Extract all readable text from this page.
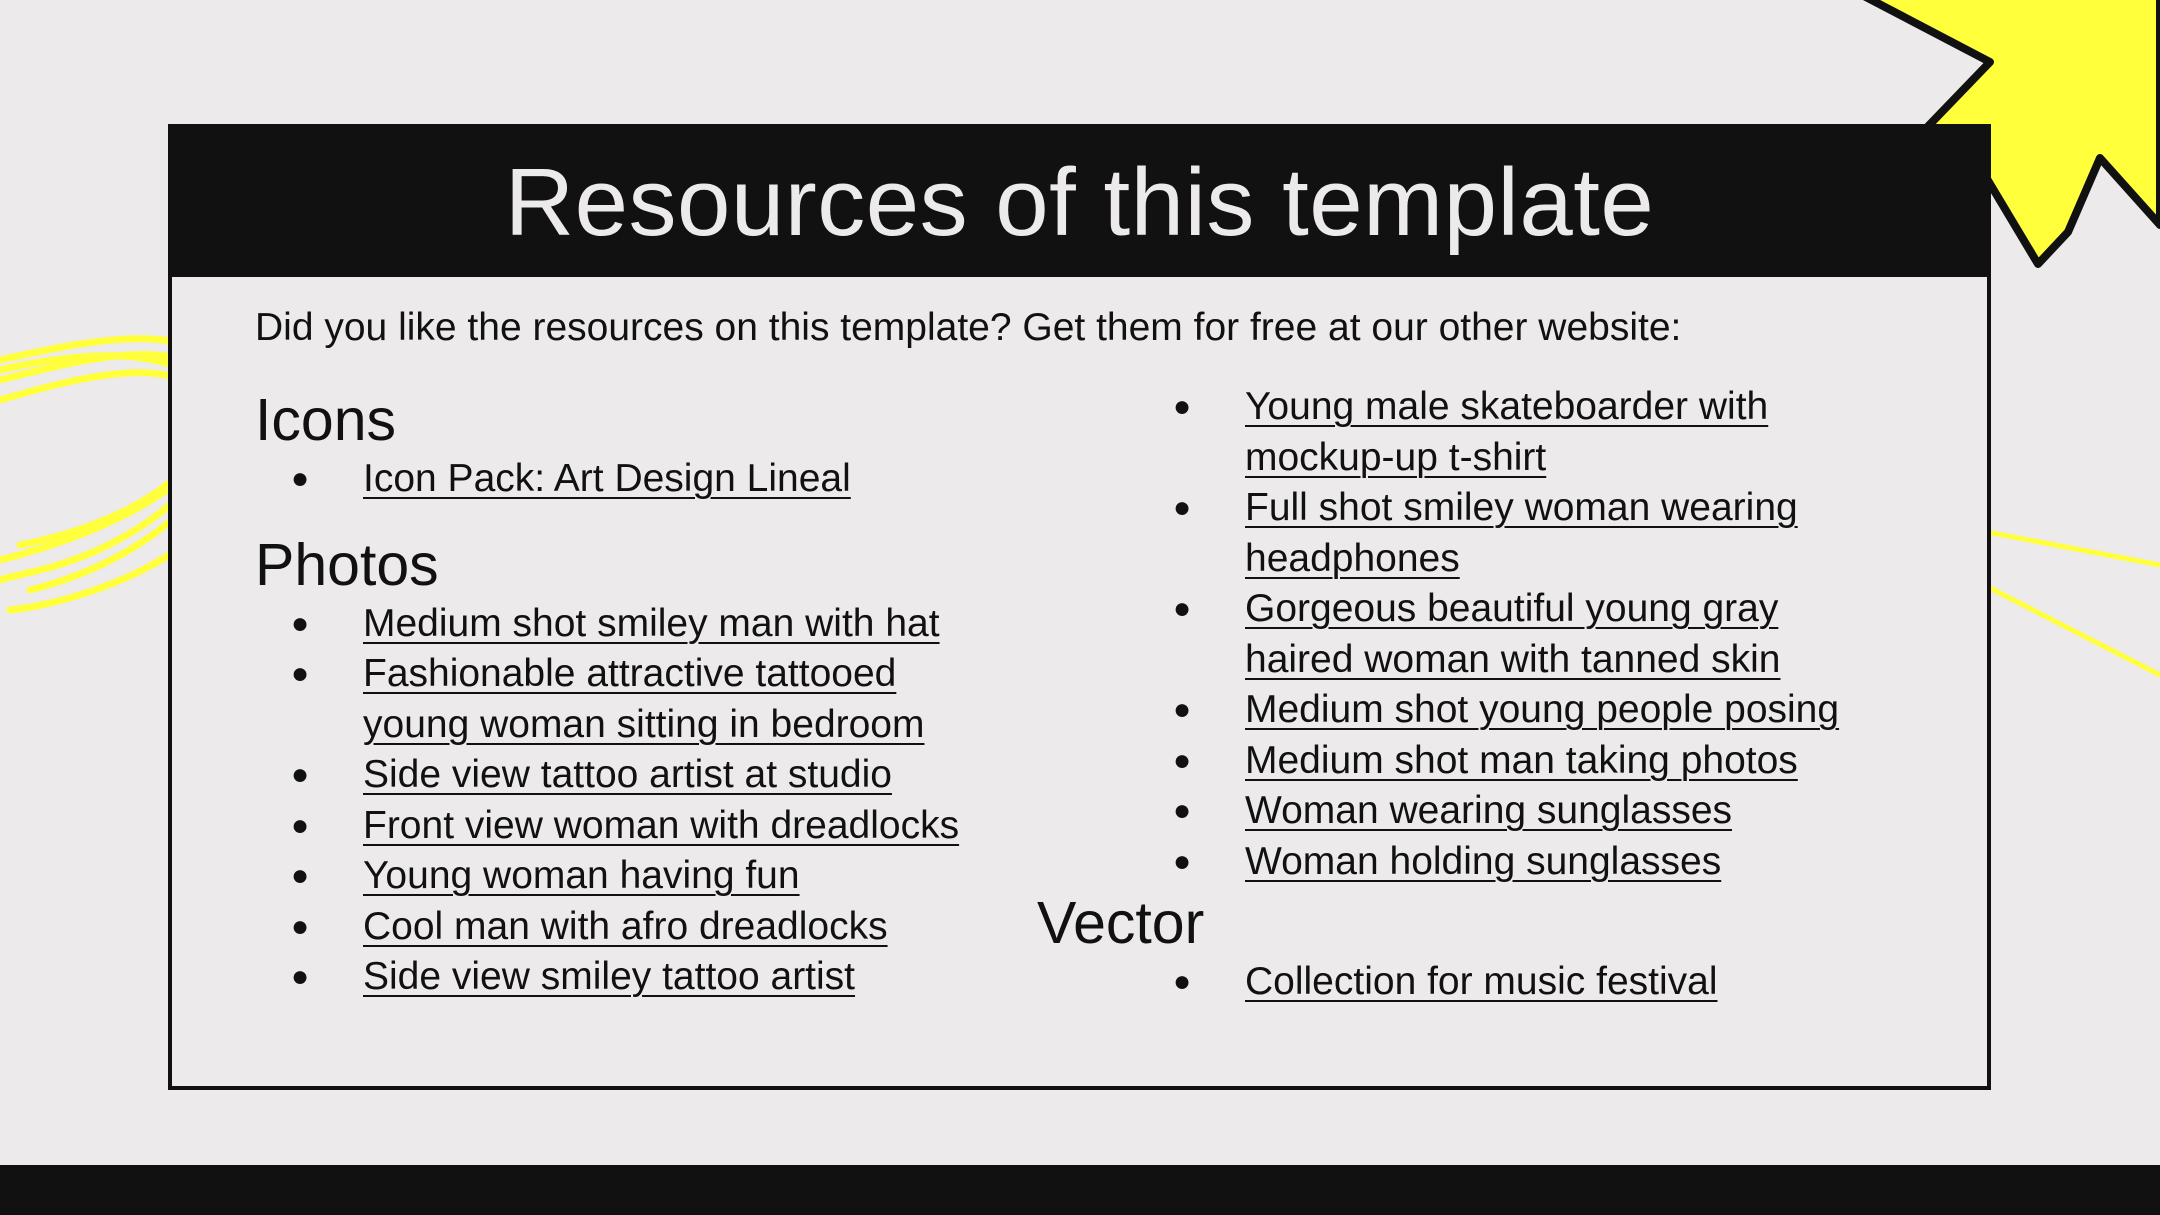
Resources of this template
Did you like the resources on this template? Get them for free at our other website:
Icons
● Icon Pack: Art Design Lineal
Photos
● Medium shot smiley man with hat
● Fashionable attractive tattooed young woman sitting in bedroom
● Side view tattoo artist at studio
● Front view woman with dreadlocks
● Young woman having fun
● Cool man with afro dreadlocks
● Side view smiley tattoo artist
● Young male skateboarder with mockup-up t-shirt
● Full shot smiley woman wearing headphones
● Gorgeous beautiful young gray haired woman with tanned skin
● Medium shot young people posing
● Medium shot man taking photos
● Woman wearing sunglasses
● Woman holding sunglasses
Vector
● Collection for music festival
